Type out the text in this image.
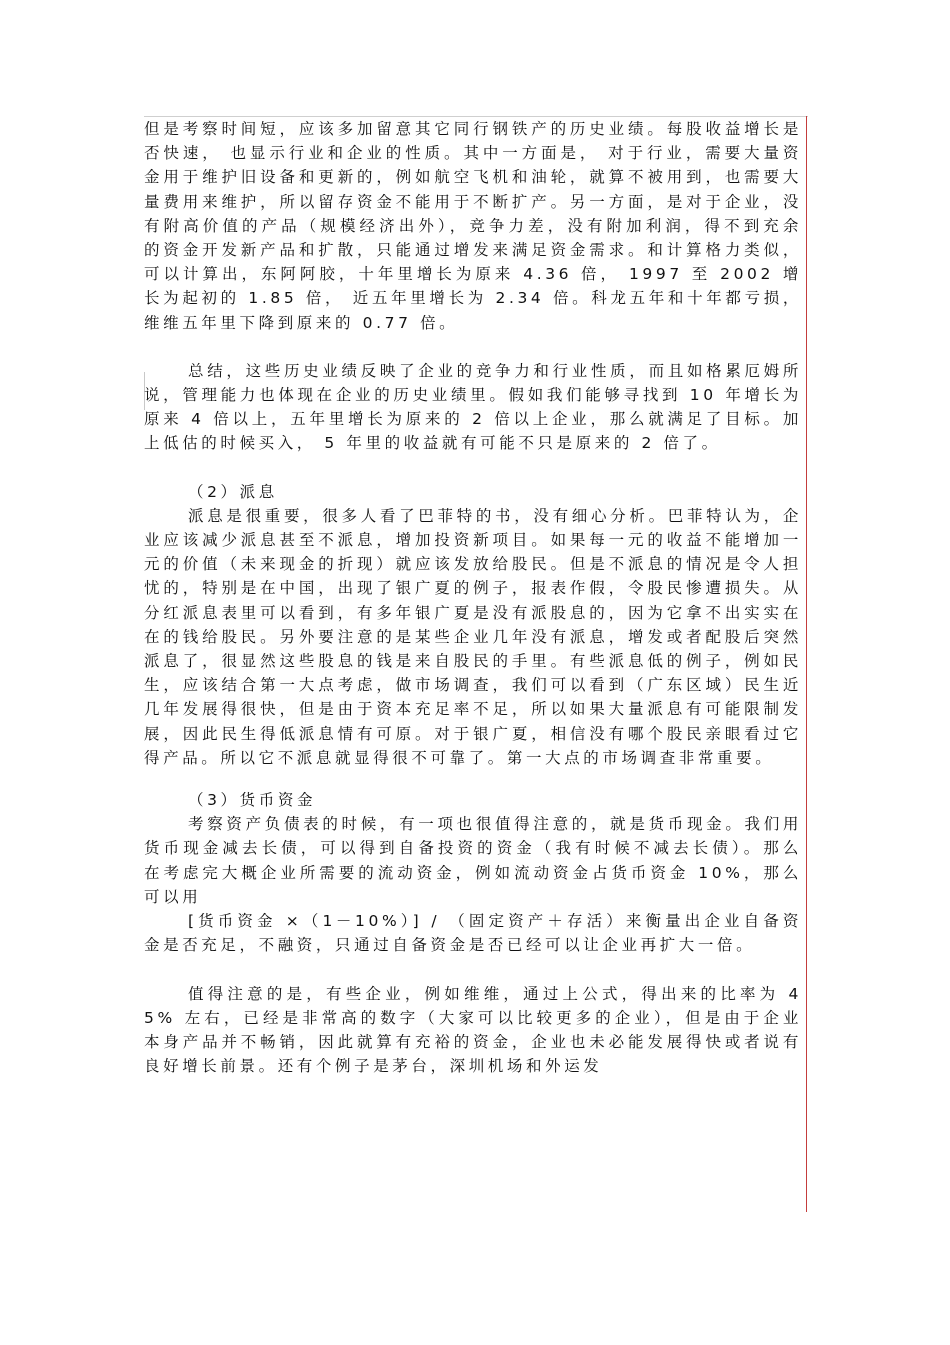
但是考察时间短，应该多加留意其它同行钢铁产的历史业绩。每股收益增长是否快速， 也显示行业和企业的性质。其中一方面是， 对于行业，需要大量资金用于维护旧设备和更新的，例如航空飞机和油轮，就算不被用到，也需要大量费用来维护，所以留存资金不能用于不断扩产。另一方面，是对于企业，没有附高价值的产品（规模经济出外），竞争力差，没有附加利润，得不到充余的资金开发新产品和扩散，只能通过增发来满足资金需求。和计算格力类似，可以计算出，东阿阿胶，十年里增长为原来 4.36 倍， 1997 至 2002 增长为起初的 1.85 倍， 近五年里增长为 2.34 倍。科龙五年和十年都亏损，维维五年里下降到原来的 0.77 倍。

总结，这些历史业绩反映了企业的竞争力和行业性质，而且如格累厄姆所说，管理能力也体现在企业的历史业绩里。假如我们能够寻找到 10 年增长为原来 4 倍以上，五年里增长为原来的 2 倍以上企业，那么就满足了目标。加上低估的时候买入， 5 年里的收益就有可能不只是原来的 2 倍了。

（2）派息

派息是很重要，很多人看了巴菲特的书，没有细心分析。巴菲特认为，企业应该减少派息甚至不派息，增加投资新项目。如果每一元的收益不能增加一元的价值（未来现金的折现）就应该发放给股民。但是不派息的情况是令人担忧的，特别是在中国，出现了银广夏的例子，报表作假，令股民惨遭损失。从分红派息表里可以看到，有多年银广夏是没有派股息的，因为它拿不出实实在在的钱给股民。另外要注意的是某些企业几年没有派息，增发或者配股后突然派息了，很显然这些股息的钱是来自股民的手里。有些派息低的例子，例如民生，应该结合第一大点考虑，做市场调查，我们可以看到（广东区域）民生近几年发展得很快，但是由于资本充足率不足，所以如果大量派息有可能限制发展，因此民生得低派息情有可原。对于银广夏，相信没有哪个股民亲眼看过它得产品。所以它不派息就显得很不可靠了。第一大点的市场调查非常重要。

（3）货币资金

考察资产负债表的时候，有一项也很值得注意的，就是货币现金。我们用货币现金减去长债，可以得到自备投资的资金（我有时候不减去长债）。那么在考虑完大概企业所需要的流动资金，例如流动资金占货币资金 10%，那么可以用

[货币资金 ×（1－10%）] / （固定资产＋存活）来衡量出企业自备资金是否充足，不融资，只通过自备资金是否已经可以让企业再扩大一倍。

值得注意的是，有些企业，例如维维，通过上公式，得出来的比率为 45% 左右，已经是非常高的数字（大家可以比较更多的企业），但是由于企业本身产品并不畅销，因此就算有充裕的资金，企业也未必能发展得快或者说有良好增长前景。还有个例子是茅台，深圳机场和外运发
